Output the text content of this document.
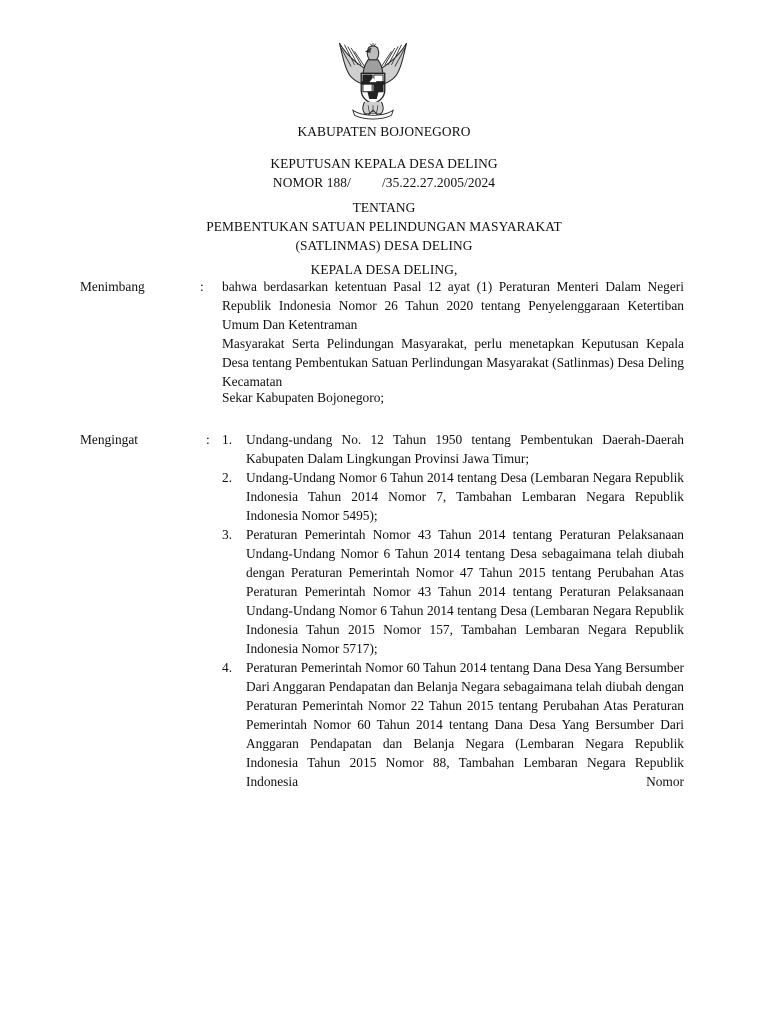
KABUPATEN BOJONEGORO
KEPUTUSAN KEPALA DESA DELING
NOMOR 188/         /35.22.27.2005/2024
TENTANG
PEMBENTUKAN SATUAN PELINDUNGAN MASYARAKAT
(SATLINMAS) DESA DELING
KEPALA DESA DELING,
Menimbang	: bahwa berdasarkan ketentuan Pasal 12 ayat (1) Peraturan Menteri Dalam Negeri Republik Indonesia Nomor 26 Tahun 2020 tentang Penyelenggaraan Ketertiban Umum Dan Ketentraman
Masyarakat Serta Pelindungan Masyarakat, perlu menetapkan Keputusan Kepala Desa tentang Pembentukan Satuan Perlindungan Masyarakat (Satlinmas) Desa Deling Kecamatan
Sekar Kabupaten Bojonegoro;
Mengingat	: 1. Undang-undang No. 12 Tahun 1950 tentang Pembentukan Daerah-Daerah Kabupaten Dalam Lingkungan Provinsi Jawa Timur;
2. Undang-Undang Nomor 6 Tahun 2014 tentang Desa (Lembaran Negara Republik Indonesia Tahun 2014 Nomor 7, Tambahan Lembaran Negara Republik Indonesia Nomor 5495);
3. Peraturan Pemerintah Nomor 43 Tahun 2014 tentang Peraturan Pelaksanaan Undang-Undang Nomor 6 Tahun 2014 tentang Desa sebagaimana telah diubah dengan Peraturan Pemerintah Nomor 47 Tahun 2015 tentang Perubahan Atas Peraturan Pemerintah Nomor 43 Tahun 2014 tentang Peraturan Pelaksanaan Undang-Undang Nomor 6 Tahun 2014 tentang Desa (Lembaran Negara Republik Indonesia Tahun 2015 Nomor 157, Tambahan Lembaran Negara Republik Indonesia Nomor 5717);
4. Peraturan Pemerintah Nomor 60 Tahun 2014 tentang Dana Desa Yang Bersumber Dari Anggaran Pendapatan dan Belanja Negara sebagaimana telah diubah dengan Peraturan Pemerintah Nomor 22 Tahun 2015 tentang Perubahan Atas Peraturan Pemerintah Nomor 60 Tahun 2014 tentang Dana Desa Yang Bersumber Dari Anggaran Pendapatan dan Belanja Negara (Lembaran Negara Republik Indonesia Tahun 2015 Nomor 88, Tambahan Lembaran Negara Republik Indonesia Nomor
